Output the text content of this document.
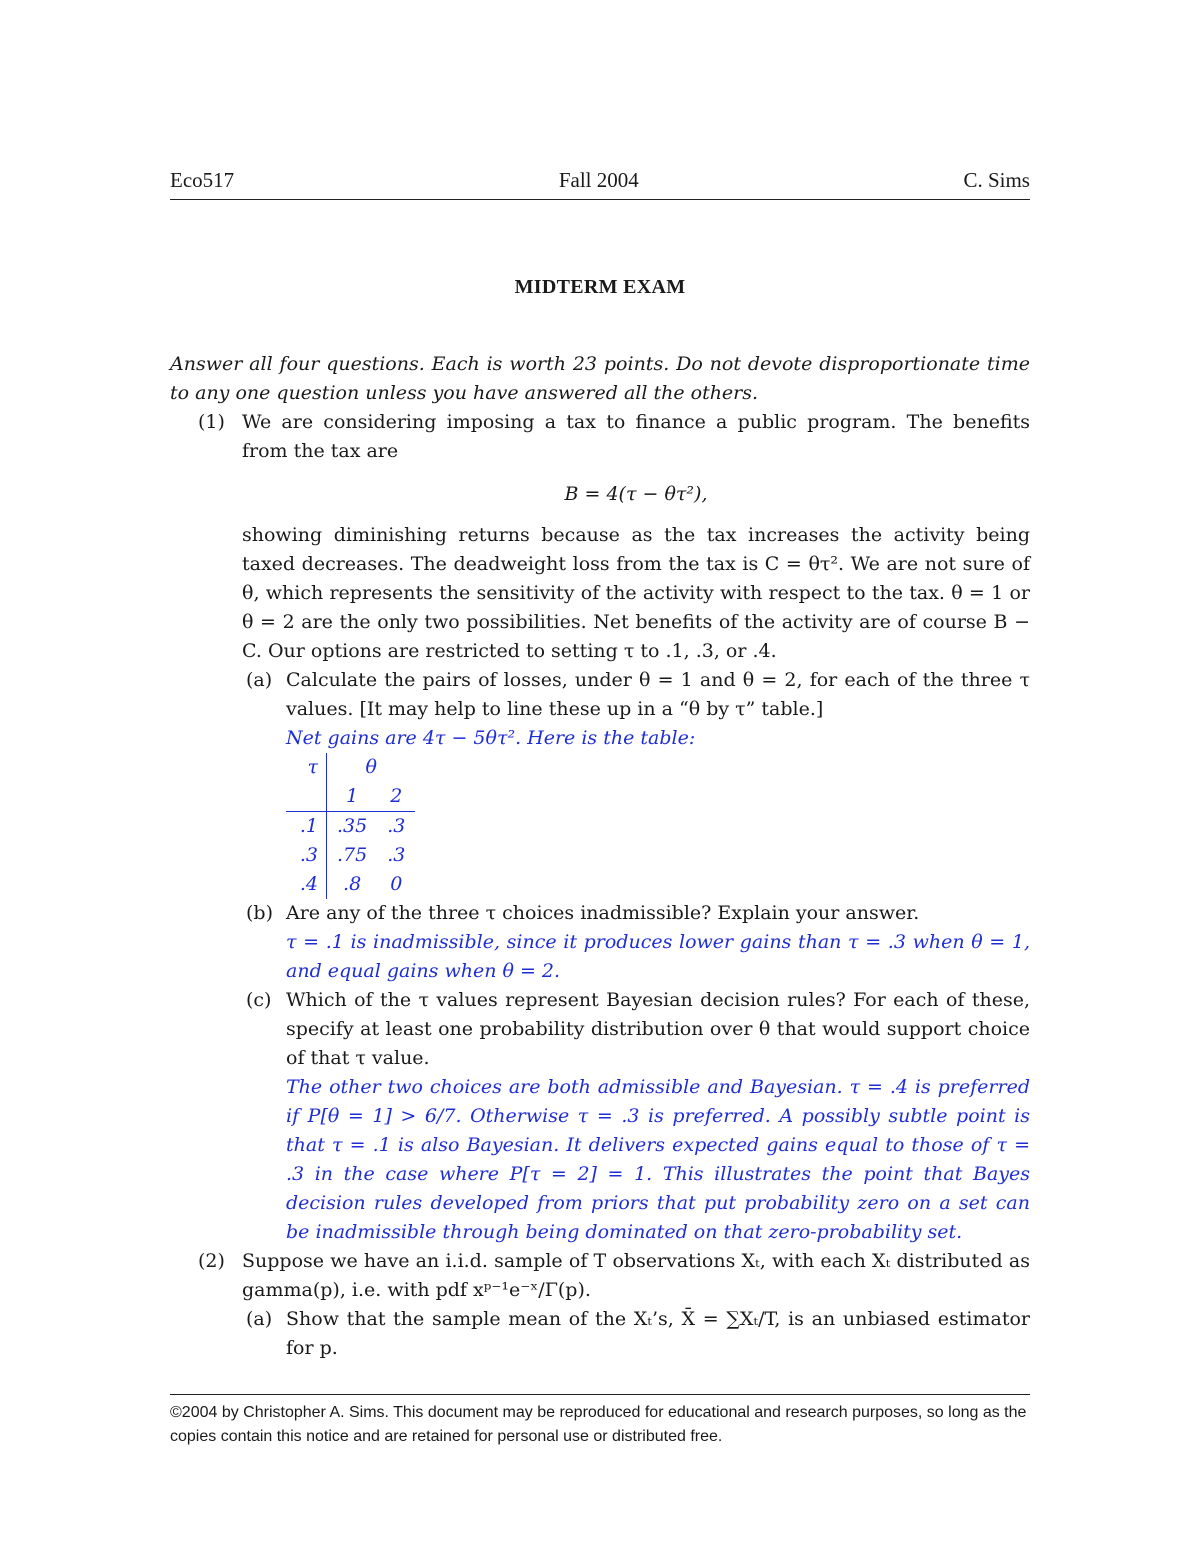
Eco517	Fall 2004	C. Sims
MIDTERM EXAM

Answer all four questions. Each is worth 23 points. Do not devote disproportionate time to any one question unless you have answered all the others.

(1) We are considering imposing a tax to finance a public program. The benefits from the tax are
B = 4(τ − θτ²),
showing diminishing returns because as the tax increases the activity being taxed decreases. The deadweight loss from the tax is C = θτ². We are not sure of θ, which represents the sensitivity of the activity with respect to the tax. θ = 1 or θ = 2 are the only two possibilities. Net benefits of the activity are of course B − C. Our options are restricted to setting τ to .1, .3, or .4.
(a) Calculate the pairs of losses, under θ = 1 and θ = 2, for each of the three τ values. [It may help to line these up in a “θ by τ” table.]
Net gains are 4τ − 5θτ². Here is the table:
τ	θ	
	1	2
.1	.35	.3
.3	.75	.3
.4	.8	0
(b) Are any of the three τ choices inadmissible? Explain your answer.
τ = .1 is inadmissible, since it produces lower gains than τ = .3 when θ = 1, and equal gains when θ = 2.
(c) Which of the τ values represent Bayesian decision rules? For each of these, specify at least one probability distribution over θ that would support choice of that τ value.
The other two choices are both admissible and Bayesian. τ = .4 is preferred if P[θ = 1] > 6/7. Otherwise τ = .3 is preferred. A possibly subtle point is that τ = .1 is also Bayesian. It delivers expected gains equal to those of τ = .3 in the case where P[τ = 2] = 1. This illustrates the point that Bayes decision rules developed from priors that put probability zero on a set can be inadmissible through being dominated on that zero-probability set.
(2) Suppose we have an i.i.d. sample of T observations Xₜ, with each Xₜ distributed as gamma(p), i.e. with pdf xᵖ⁻¹e⁻ˣ/Γ(p).
(a) Show that the sample mean of the Xₜ’s, X̄ = ∑Xₜ/T, is an unbiased estimator for p.
©2004 by Christopher A. Sims. This document may be reproduced for educational and research purposes, so long as the copies contain this notice and are retained for personal use or distributed free.
